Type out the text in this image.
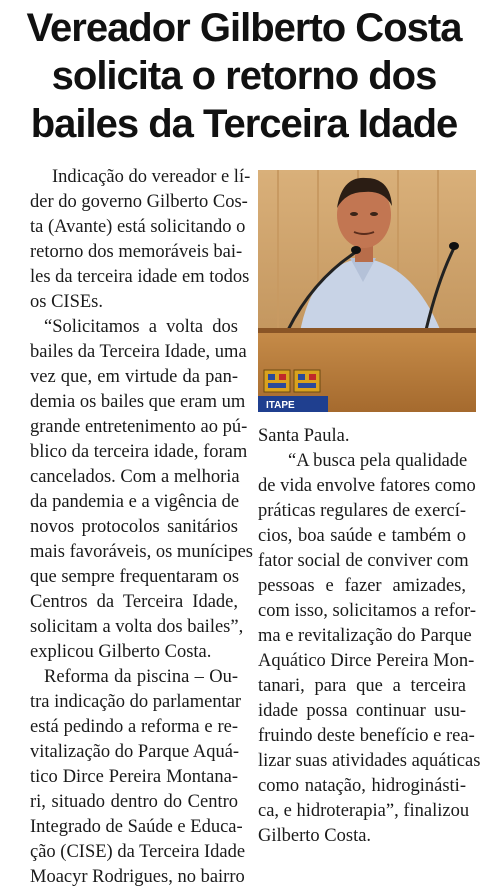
Vereador Gilberto Costa
solicita o retorno dos
bailes da Terceira Idade
Indicação do vereador e lí-
der do governo Gilberto Cos-
ta (Avante) está solicitando o
retorno dos memoráveis bai-
les da terceira idade em todos
os CISEs.
“Solicitamos a volta dos
bailes da Terceira Idade, uma
vez que, em virtude da pan-
demia os bailes que eram um
grande entretenimento ao pú-
blico da terceira idade, foram
cancelados. Com a melhoria
da pandemia e a vigência de
novos protocolos sanitários
mais favoráveis, os munícipes
que sempre frequentaram os
Centros da Terceira Idade,
solicitam a volta dos bailes”,
explicou Gilberto Costa.
Reforma da piscina – Ou-
tra indicação do parlamentar
está pedindo a reforma e re-
vitalização do Parque Aquá-
tico Dirce Pereira Montana-
ri, situado dentro do Centro
Integrado de Saúde e Educa-
ção (CISE) da Terceira Idade
Moacyr Rodrigues, no bairro
ITAPE
Santa Paula.
“A busca pela qualidade
de vida envolve fatores como
práticas regulares de exercí-
cios, boa saúde e também o
fator social de conviver com
pessoas e fazer amizades,
com isso, solicitamos a refor-
ma e revitalização do Parque
Aquático Dirce Pereira Mon-
tanari, para que a terceira
idade possa continuar usu-
fruindo deste benefício e rea-
lizar suas atividades aquáticas
como natação, hidroginásti-
ca, e hidroterapia”, finalizou
Gilberto Costa.
